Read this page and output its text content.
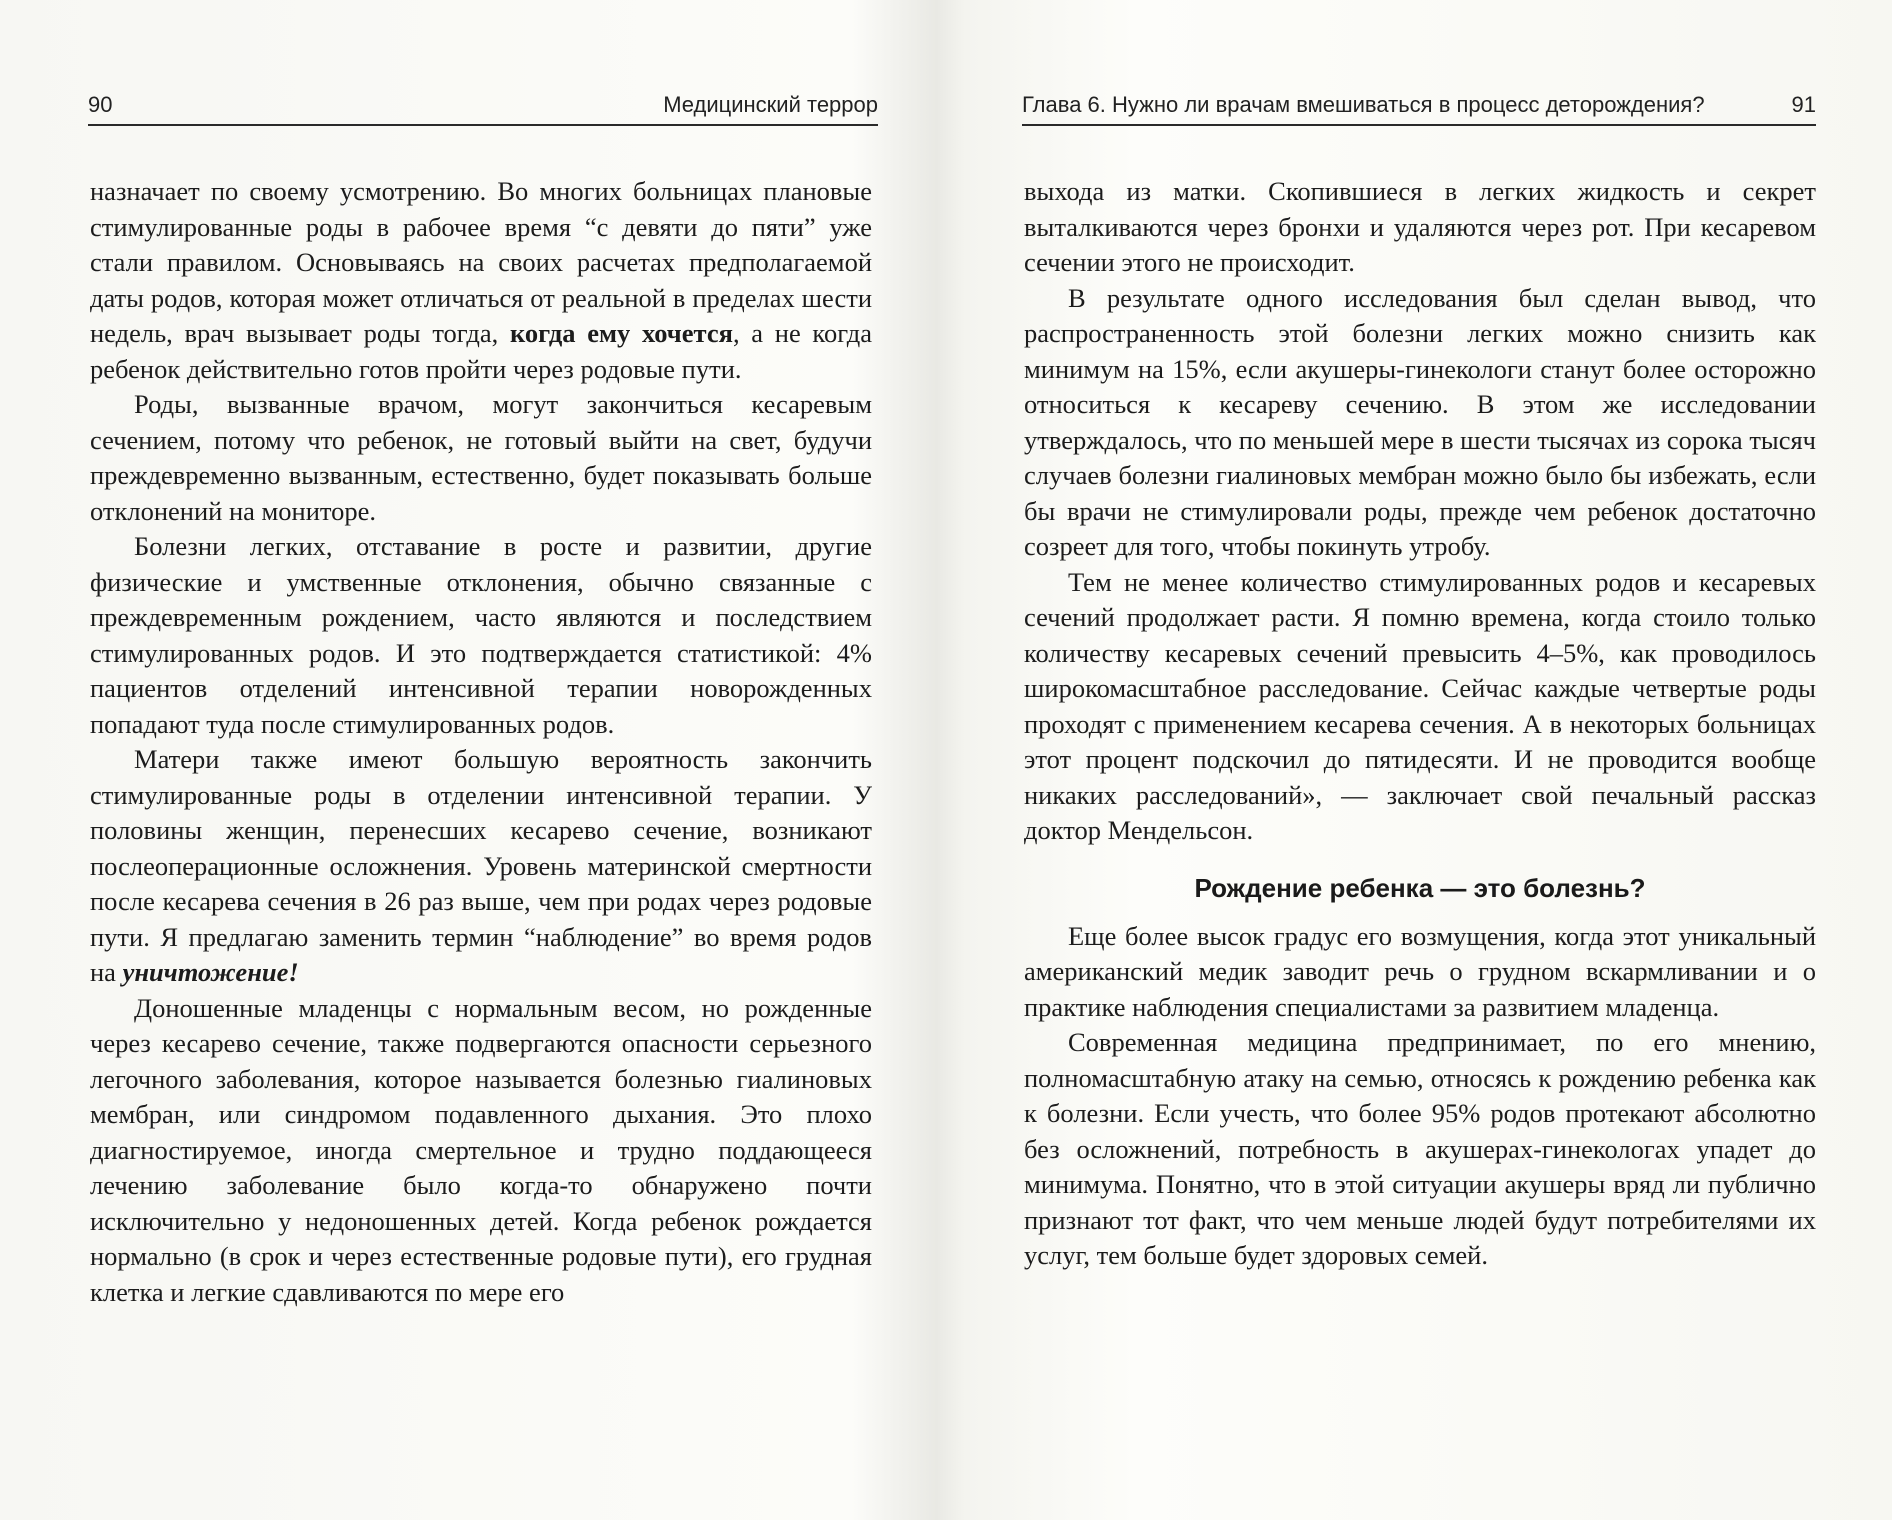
90	Медицинский террор

назначает по своему усмотрению. Во многих больницах плановые стимулированные роды в рабочее время “с девяти до пяти” уже стали правилом. Основываясь на своих расчетах предполагаемой даты родов, которая может отличаться от реальной в пределах шести недель, врач вызывает роды тогда, когда ему хочется, а не когда ребенок действительно готов пройти через родовые пути.

Роды, вызванные врачом, могут закончиться кесаревым сечением, потому что ребенок, не готовый выйти на свет, будучи преждевременно вызванным, естественно, будет показывать больше отклонений на мониторе.

Болезни легких, отставание в росте и развитии, другие физические и умственные отклонения, обычно связанные с преждевременным рождением, часто являются и последствием стимулированных родов. И это подтверждается статистикой: 4% пациентов отделений интенсивной терапии новорожденных попадают туда после стимулированных родов.

Матери также имеют большую вероятность закончить стимулированные роды в отделении интенсивной терапии. У половины женщин, перенесших кесарево сечение, возникают послеоперационные осложнения. Уровень материнской смертности после кесарева сечения в 26 раз выше, чем при родах через родовые пути. Я предлагаю заменить термин “наблюдение” во время родов на уничтожение!

Доношенные младенцы с нормальным весом, но рожденные через кесарево сечение, также подвергаются опасности серьезного легочного заболевания, которое называется болезнью гиалиновых мембран, или синдромом подавленного дыхания. Это плохо диагностируемое, иногда смертельное и трудно поддающееся лечению заболевание было когда-то обнаружено почти исключительно у недоношенных детей. Когда ребенок рождается нормально (в срок и через естественные родовые пути), его грудная клетка и легкие сдавливаются по мере его

Глава 6. Нужно ли врачам вмешиваться в процесс деторождения?	91

выхода из матки. Скопившиеся в легких жидкость и секрет выталкиваются через бронхи и удаляются через рот. При кесаревом сечении этого не происходит.

В результате одного исследования был сделан вывод, что распространенность этой болезни легких можно снизить как минимум на 15%, если акушеры-гинекологи станут более осторожно относиться к кесареву сечению. В этом же исследовании утверждалось, что по меньшей мере в шести тысячах из сорока тысяч случаев болезни гиалиновых мембран можно было бы избежать, если бы врачи не стимулировали роды, прежде чем ребенок достаточно созреет для того, чтобы покинуть утробу.

Тем не менее количество стимулированных родов и кесаревых сечений продолжает расти. Я помню времена, когда стоило только количеству кесаревых сечений превысить 4–5%, как проводилось широкомасштабное расследование. Сейчас каждые четвертые роды проходят с применением кесарева сечения. А в некоторых больницах этот процент подскочил до пятидесяти. И не проводится вообще никаких расследований», — заключает свой печальный рассказ доктор Мендельсон.

Рождение ребенка — это болезнь?

Еще более высок градус его возмущения, когда этот уникальный американский медик заводит речь о грудном вскармливании и о практике наблюдения специалистами за развитием младенца.

Современная медицина предпринимает, по его мнению, полномасштабную атаку на семью, относясь к рождению ребенка как к болезни. Если учесть, что более 95% родов протекают абсолютно без осложнений, потребность в акушерах-гинекологах упадет до минимума. Понятно, что в этой ситуации акушеры вряд ли публично признают тот факт, что чем меньше людей будут потребителями их услуг, тем больше будет здоровых семей.
